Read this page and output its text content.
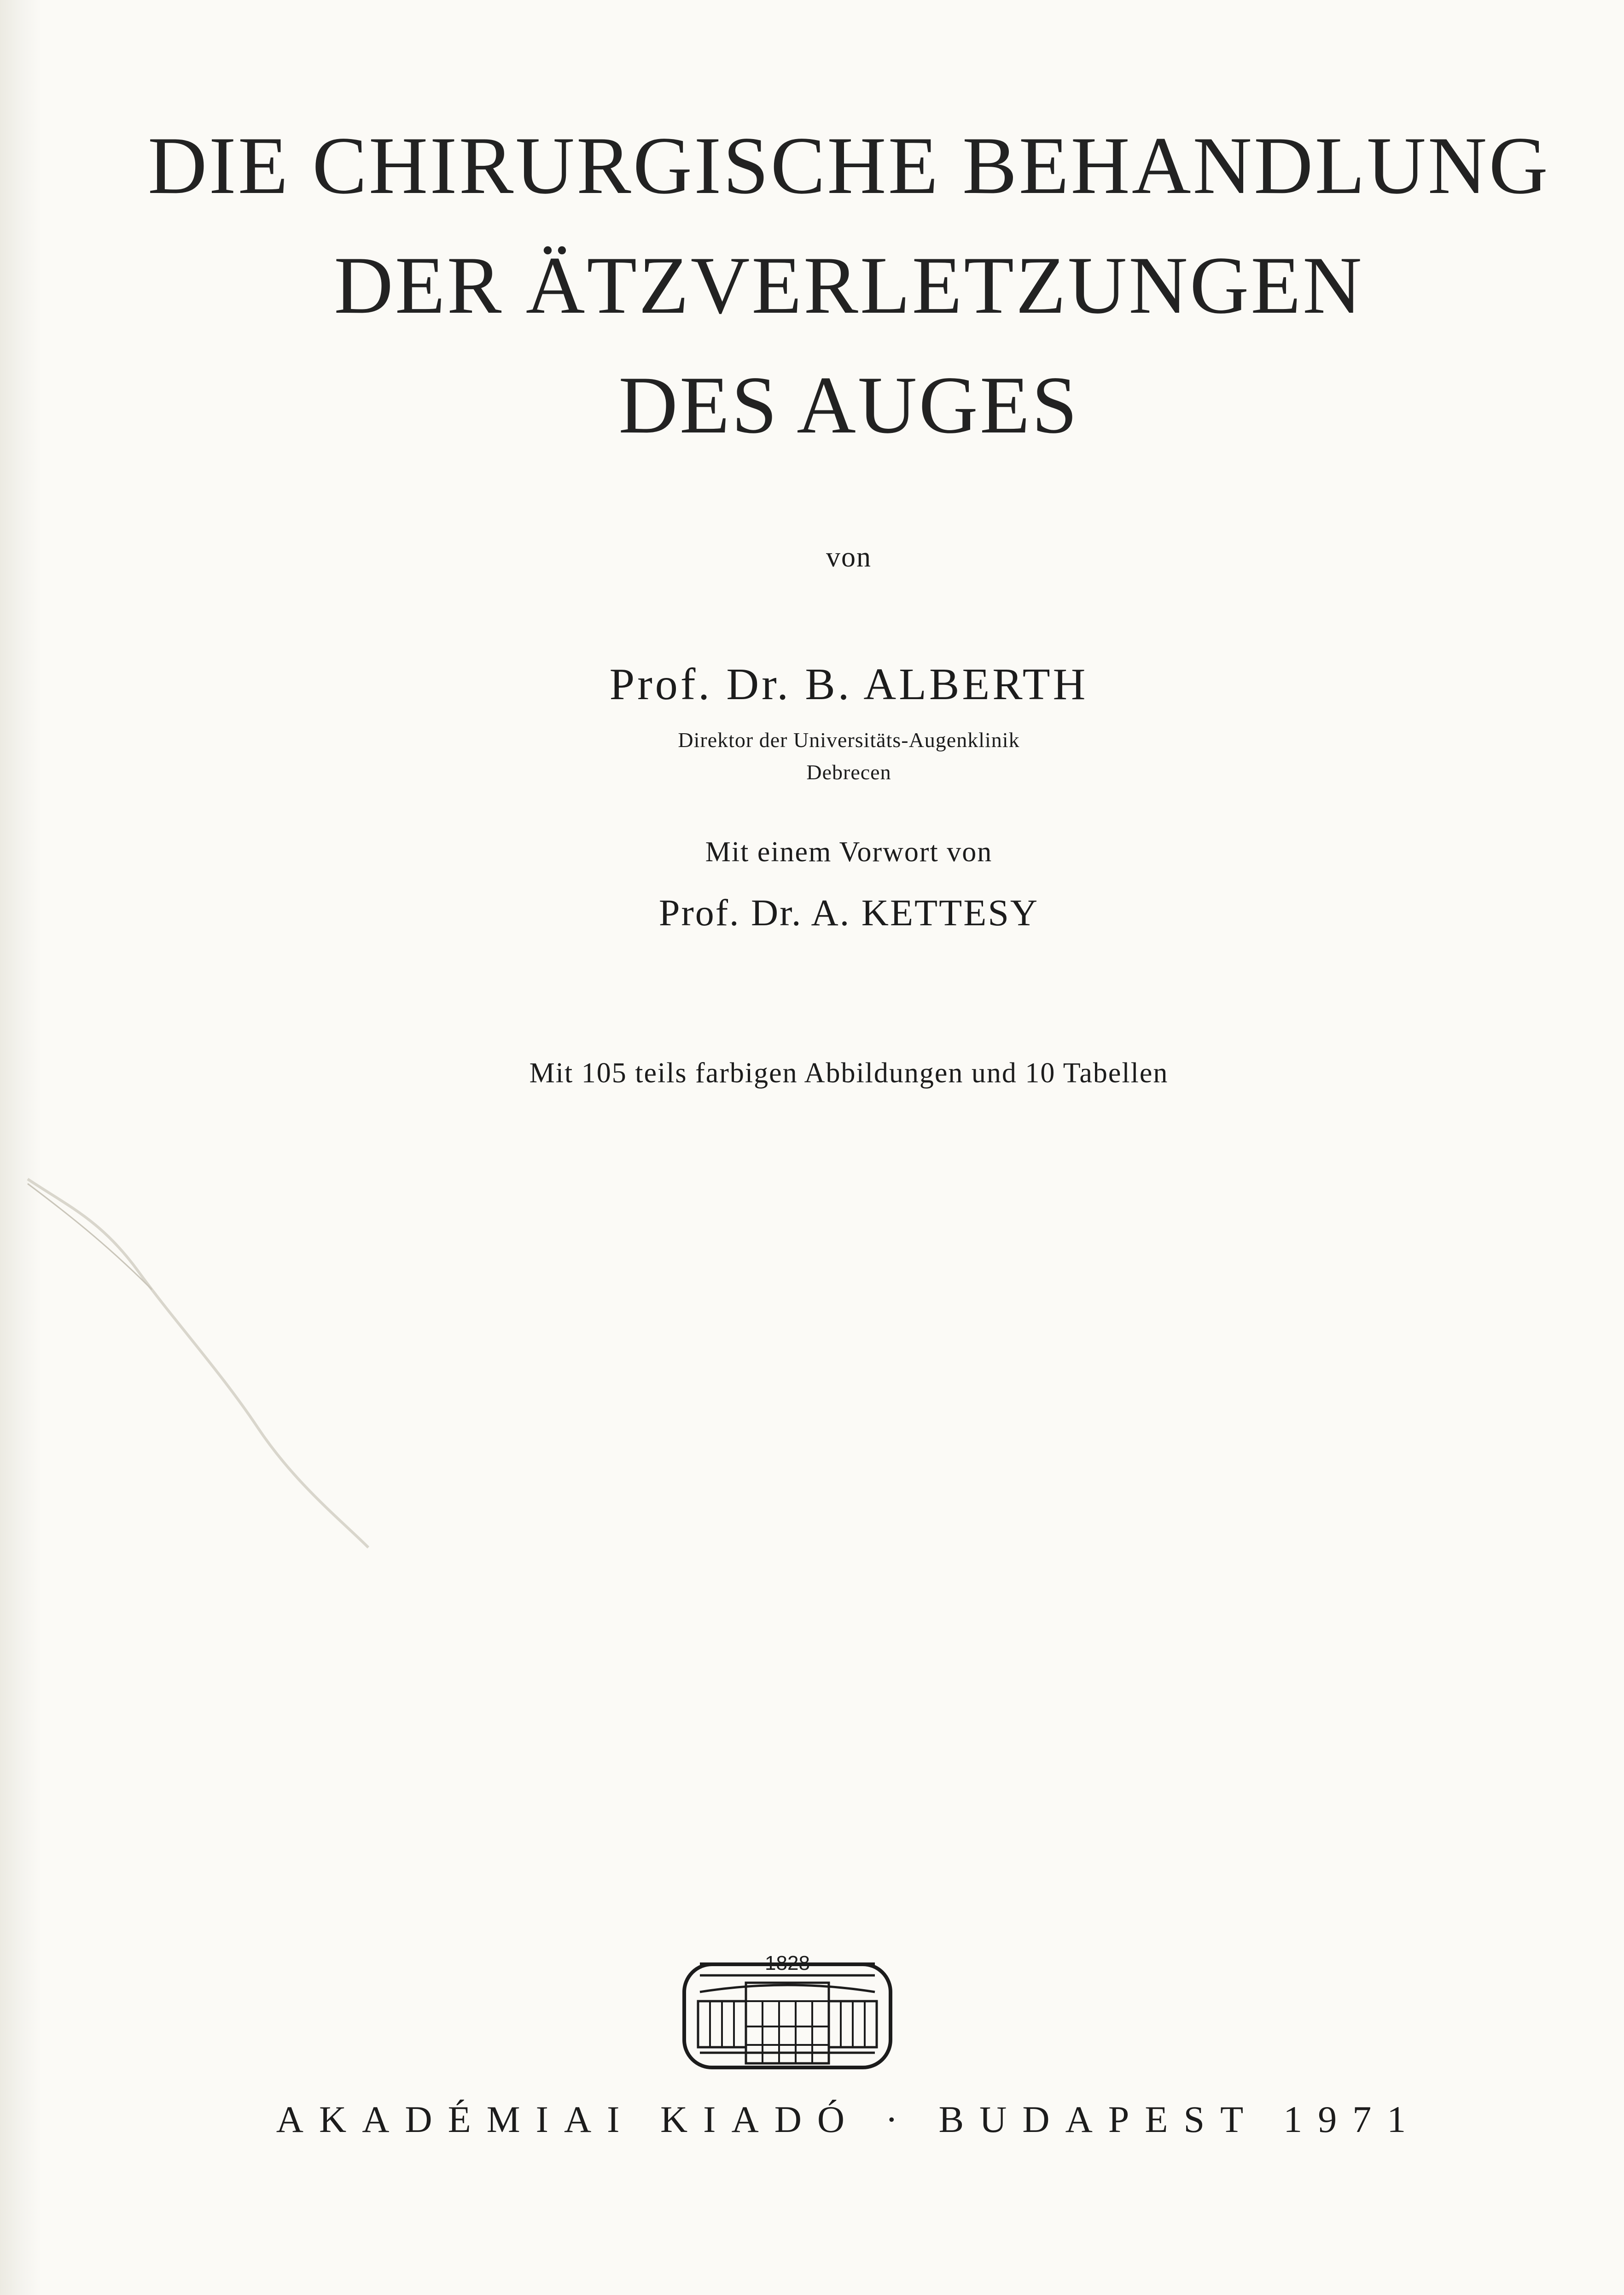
DIE CHIRURGISCHE BEHANDLUNG
DER ÄTZVERLETZUNGEN
DES AUGES
von
Prof. Dr. B. ALBERTH
Direktor der Universitäts-Augenklinik
Debrecen
Mit einem Vorwort von
Prof. Dr. A. KETTESY
Mit 105 teils farbigen Abbildungen und 10 Tabellen
1828
AKADÉMIAI KIADÓ · BUDAPEST 1971
